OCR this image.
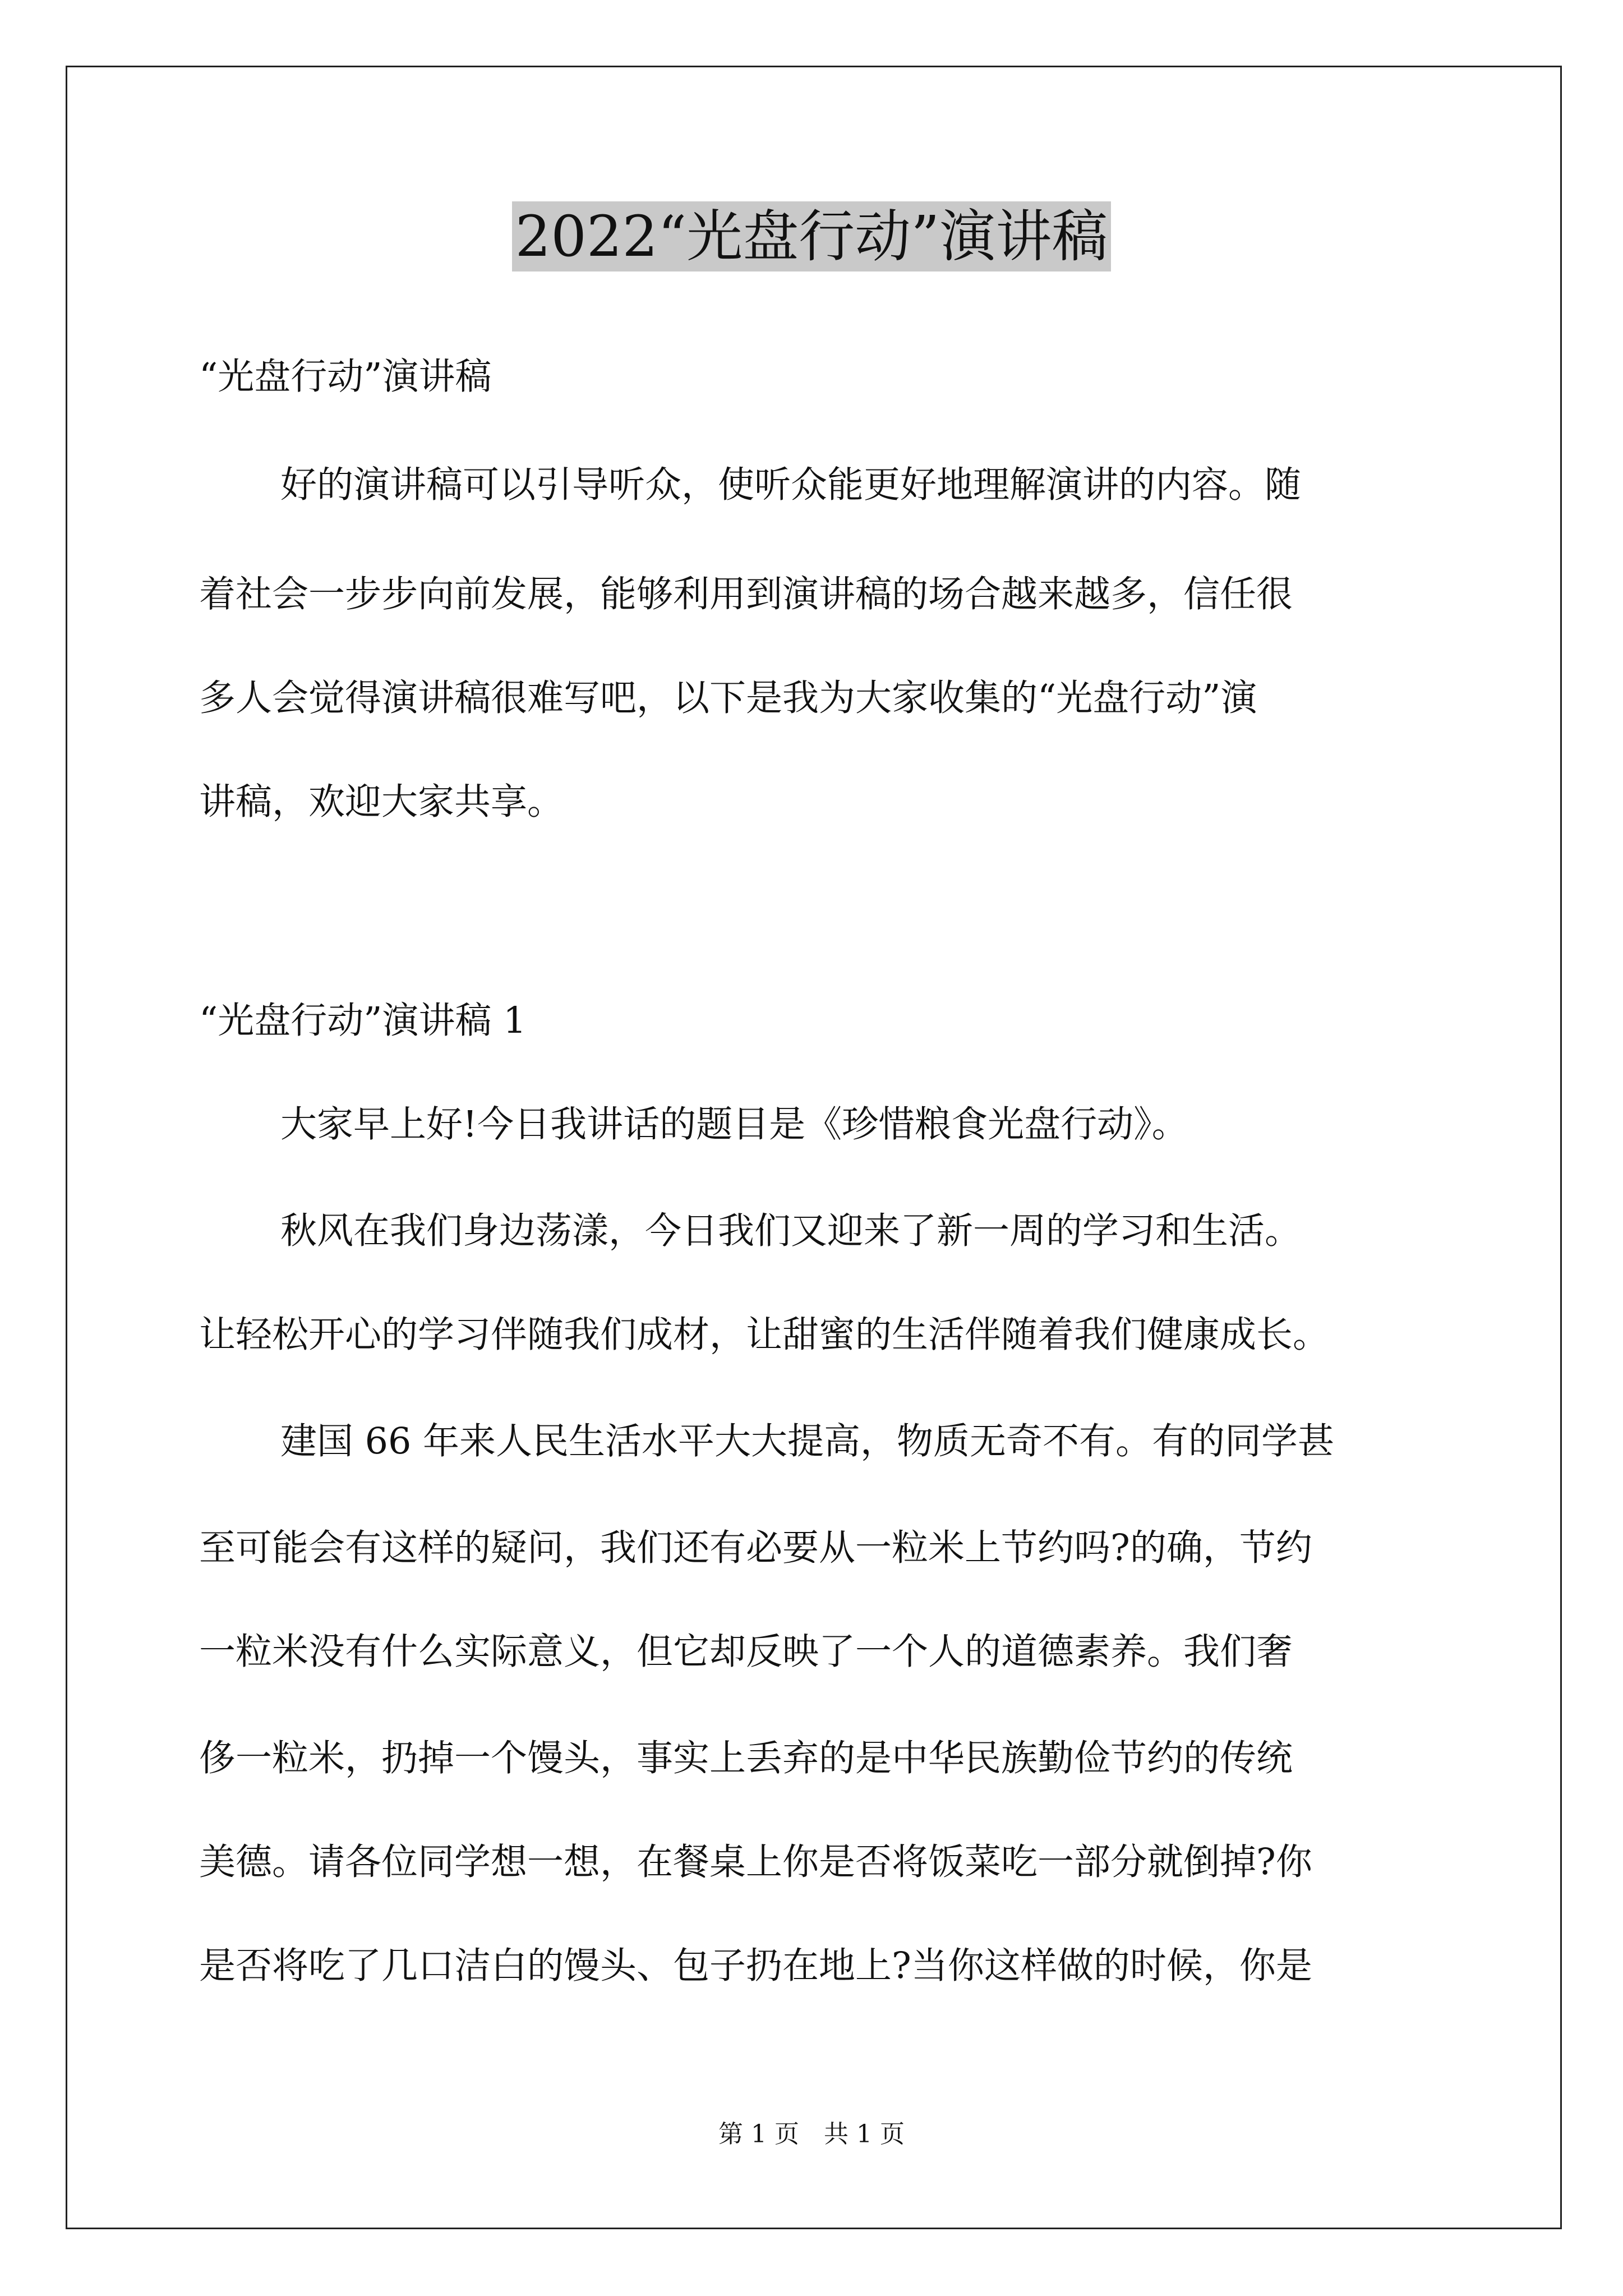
2022“光盘行动”演讲稿
“光盘行动”演讲稿
好的演讲稿可以引导听众，使听众能更好地理解演讲的内容。随
着社会一步步向前发展，能够利用到演讲稿的场合越来越多，信任很
多人会觉得演讲稿很难写吧，以下是我为大家收集的“光盘行动”演
讲稿，欢迎大家共享。
“光盘行动”演讲稿 1
大家早上好!今日我讲话的题目是《珍惜粮食光盘行动》。
秋风在我们身边荡漾，今日我们又迎来了新一周的学习和生活。
让轻松开心的学习伴随我们成材，让甜蜜的生活伴随着我们健康成长。
建国 66 年来人民生活水平大大提高，物质无奇不有。有的同学甚
至可能会有这样的疑问，我们还有必要从一粒米上节约吗?的确，节约
一粒米没有什么实际意义，但它却反映了一个人的道德素养。我们奢
侈一粒米，扔掉一个馒头，事实上丢弃的是中华民族勤俭节约的传统
美德。请各位同学想一想，在餐桌上你是否将饭菜吃一部分就倒掉?你
是否将吃了几口洁白的馒头、包子扔在地上?当你这样做的时候，你是
第 1 页　共 1 页
